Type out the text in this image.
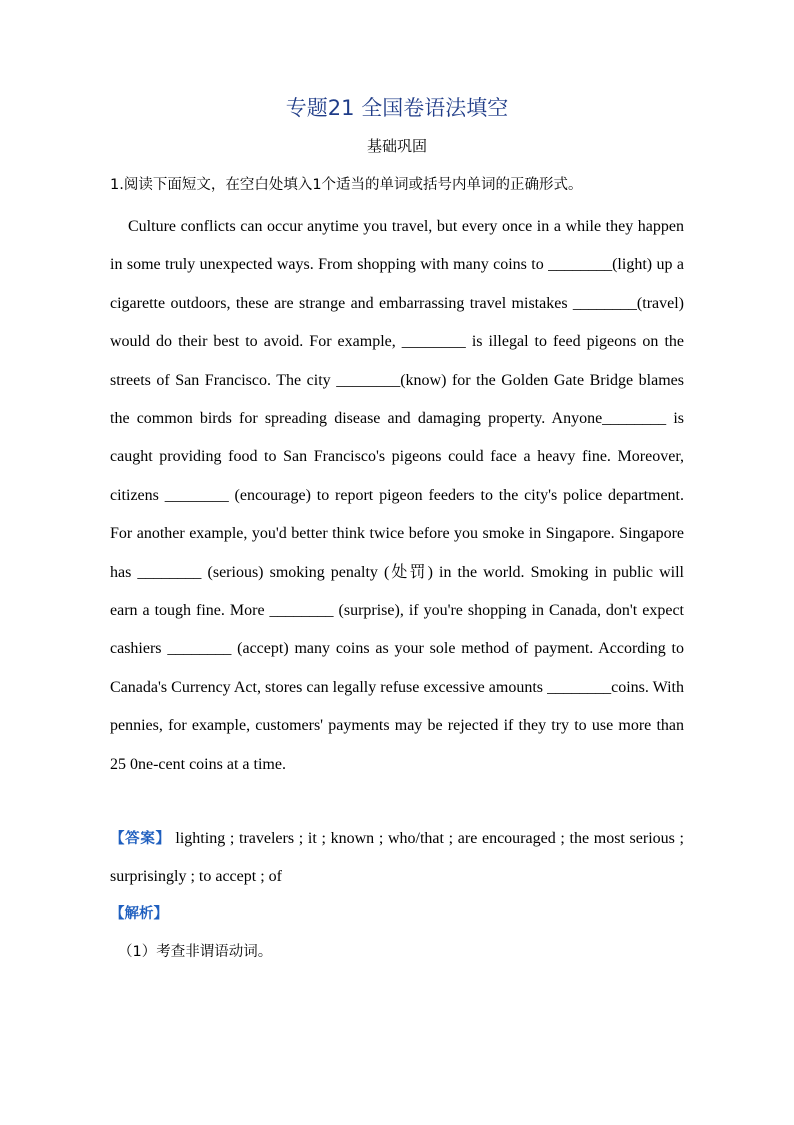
专题21 全国卷语法填空
基础巩固
1.阅读下面短文，在空白处填入1个适当的单词或括号内单词的正确形式。

Culture conflicts can occur anytime you travel, but every once in a while they happen in some truly unexpected ways. From shopping with many coins to ________(light) up a cigarette outdoors, these are strange and embarrassing travel mistakes ________(travel) would do their best to avoid. For example, ________ is illegal to feed pigeons on the streets of San Francisco. The city ________(know) for the Golden Gate Bridge blames the common birds for spreading disease and damaging property. Anyone________ is caught providing food to San Francisco's pigeons could face a heavy fine. Moreover, citizens ________ (encourage) to report pigeon feeders to the city's police department. For another example, you'd better think twice before you smoke in Singapore. Singapore has ________ (serious) smoking penalty (处罚) in the world. Smoking in public will earn a tough fine. More ________ (surprise), if you're shopping in Canada, don't expect cashiers ________ (accept) many coins as your sole method of payment. According to Canada's Currency Act, stores can legally refuse excessive amounts ________coins. With pennies, for example, customers' payments may be rejected if they try to use more than 25 0ne-cent coins at a time.

【答案】 lighting ; travelers ; it ; known ; who/that ; are encouraged ; the most serious ; surprisingly ; to accept ; of

【解析】
（1）考查非谓语动词。
